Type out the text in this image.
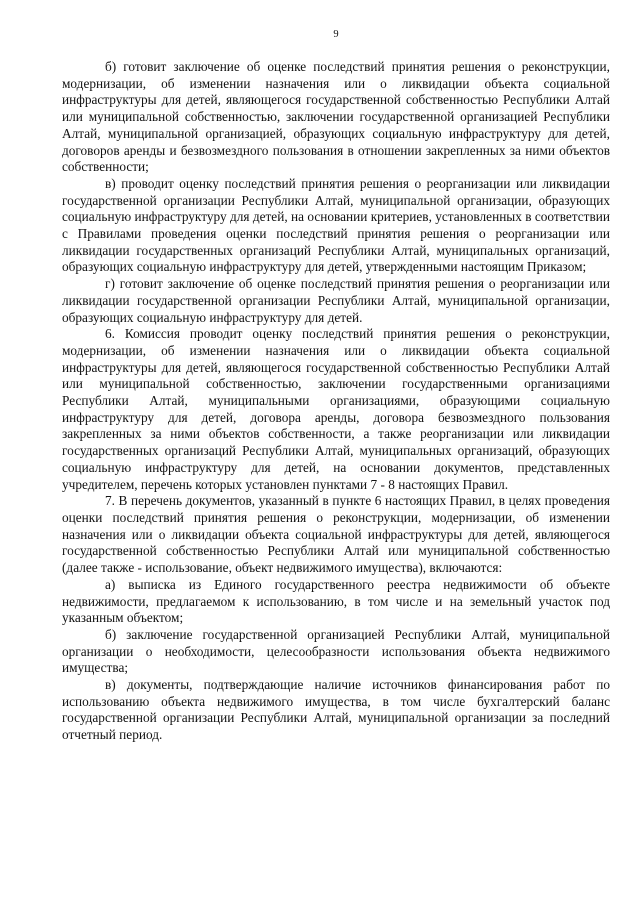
9

б) готовит заключение об оценке последствий принятия решения о реконструкции, модернизации, об изменении назначения или о ликвидации объекта социальной инфраструктуры для детей, являющегося государственной собственностью Республики Алтай или муниципальной собственностью, заключении государственной организацией Республики Алтай, муниципальной организацией, образующих социальную инфраструктуру для детей, договоров аренды и безвозмездного пользования в отношении закрепленных за ними объектов собственности;

в) проводит оценку последствий принятия решения о реорганизации или ликвидации государственной организации Республики Алтай, муниципальной организации, образующих социальную инфраструктуру для детей, на основании критериев, установленных в соответствии с Правилами проведения оценки последствий принятия решения о реорганизации или ликвидации государственных организаций Республики Алтай, муниципальных организаций, образующих социальную инфраструктуру для детей, утвержденными настоящим Приказом;

г) готовит заключение об оценке последствий принятия решения о реорганизации или ликвидации государственной организации Республики Алтай, муниципальной организации, образующих социальную инфраструктуру для детей.

6. Комиссия проводит оценку последствий принятия решения о реконструкции, модернизации, об изменении назначения или о ликвидации объекта социальной инфраструктуры для детей, являющегося государственной собственностью Республики Алтай или муниципальной собственностью, заключении государственными организациями Республики Алтай, муниципальными организациями, образующими социальную инфраструктуру для детей, договора аренды, договора безвозмездного пользования закрепленных за ними объектов собственности, а также реорганизации или ликвидации государственных организаций Республики Алтай, муниципальных организаций, образующих социальную инфраструктуру для детей, на основании документов, представленных учредителем, перечень которых установлен пунктами 7 - 8 настоящих Правил.

7. В перечень документов, указанный в пункте 6 настоящих Правил, в целях проведения оценки последствий принятия решения о реконструкции, модернизации, об изменении назначения или о ликвидации объекта социальной инфраструктуры для детей, являющегося государственной собственностью Республики Алтай или муниципальной собственностью (далее также - использование, объект недвижимого имущества), включаются:

а) выписка из Единого государственного реестра недвижимости об объекте недвижимости, предлагаемом к использованию, в том числе и на земельный участок под указанным объектом;

б) заключение государственной организацией Республики Алтай, муниципальной организации о необходимости, целесообразности использования объекта недвижимого имущества;

в) документы, подтверждающие наличие источников финансирования работ по использованию объекта недвижимого имущества, в том числе бухгалтерский баланс государственной организации Республики Алтай, муниципальной организации за последний отчетный период.
